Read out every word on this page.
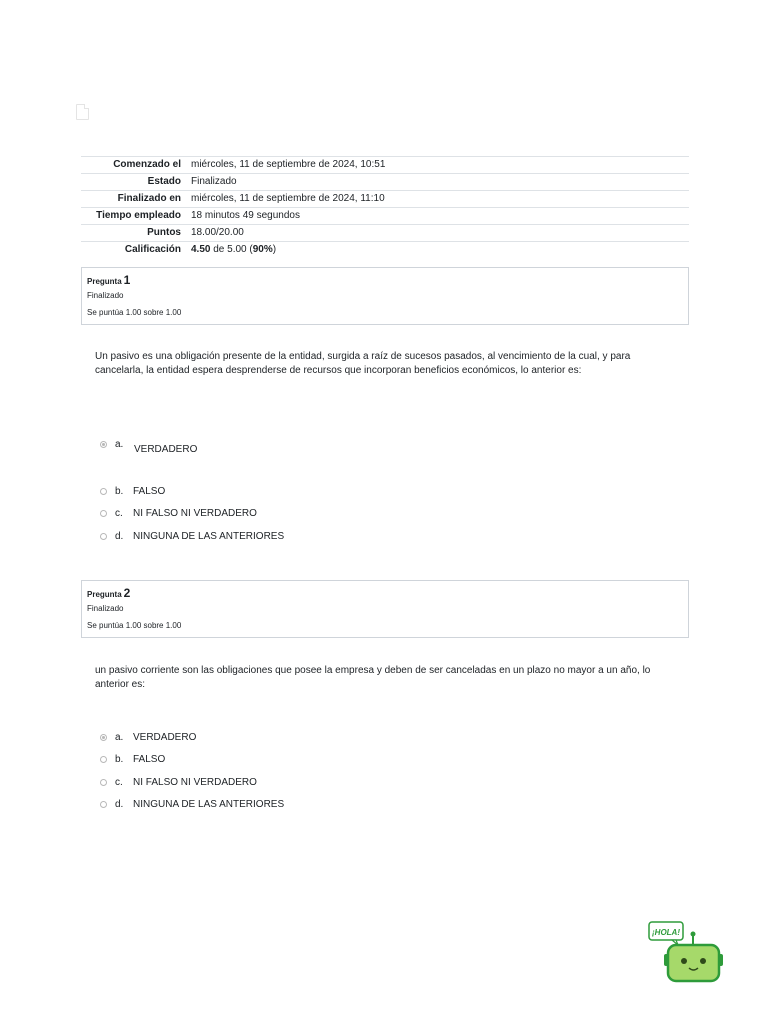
Comenzado el	miércoles, 11 de septiembre de 2024, 10:51
Estado	Finalizado
Finalizado en	miércoles, 11 de septiembre de 2024, 11:10
Tiempo empleado	18 minutos 49 segundos
Puntos	18.00/20.00
Calificación	4.50 de 5.00 (90%)
Pregunta 1
Finalizado
Se puntúa 1.00 sobre 1.00
Un pasivo es una obligación presente de la entidad, surgida a raíz de sucesos pasados, al vencimiento de la cual, y para cancelarla, la entidad espera desprenderse de recursos que incorporan beneficios económicos, lo anterior es:
a.	VERDADERO
b. FALSO
c.	NI FALSO NI VERDADERO
d. NINGUNA DE LAS ANTERIORES
Pregunta 2
Finalizado
Se puntúa 1.00 sobre 1.00
un pasivo corriente son las obligaciones que posee la empresa y deben de ser canceladas en un plazo no mayor a un año, lo anterior es:
a. VERDADERO
b. FALSO
c.	NI FALSO NI VERDADERO
d. NINGUNA DE LAS ANTERIORES
¡HOLA!
